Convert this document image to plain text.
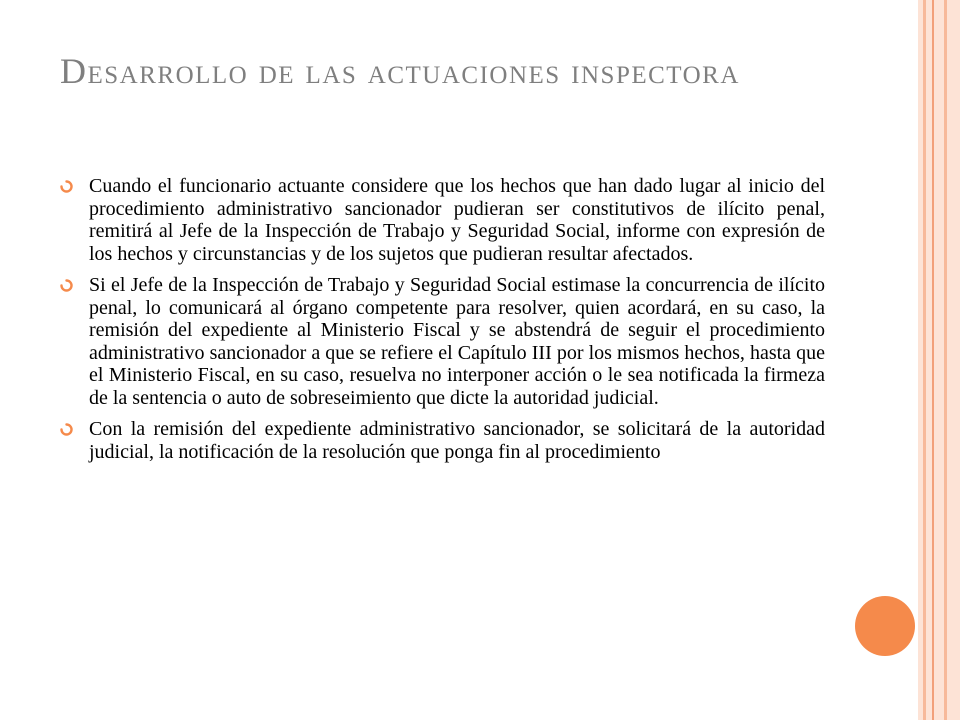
Desarrollo de las actuaciones inspectora
Cuando el funcionario actuante considere que los hechos que han dado lugar al inicio del procedimiento administrativo sancionador pudieran ser constitutivos de ilícito penal, remitirá al Jefe de la Inspección de Trabajo y Seguridad Social, informe con expresión de los hechos y circunstancias y de los sujetos que pudieran resultar afectados.
Si el Jefe de la Inspección de Trabajo y Seguridad Social estimase la concurrencia de ilícito penal, lo comunicará al órgano competente para resolver, quien acordará, en su caso, la remisión del expediente al Ministerio Fiscal y se abstendrá de seguir el procedimiento administrativo sancionador a que se refiere el Capítulo III por los mismos hechos, hasta que el Ministerio Fiscal, en su caso, resuelva no interponer acción o le sea notificada la firmeza de la sentencia o auto de sobreseimiento que dicte la autoridad judicial.
Con la remisión del expediente administrativo sancionador, se solicitará de la autoridad judicial, la notificación de la resolución que ponga fin al procedimiento
